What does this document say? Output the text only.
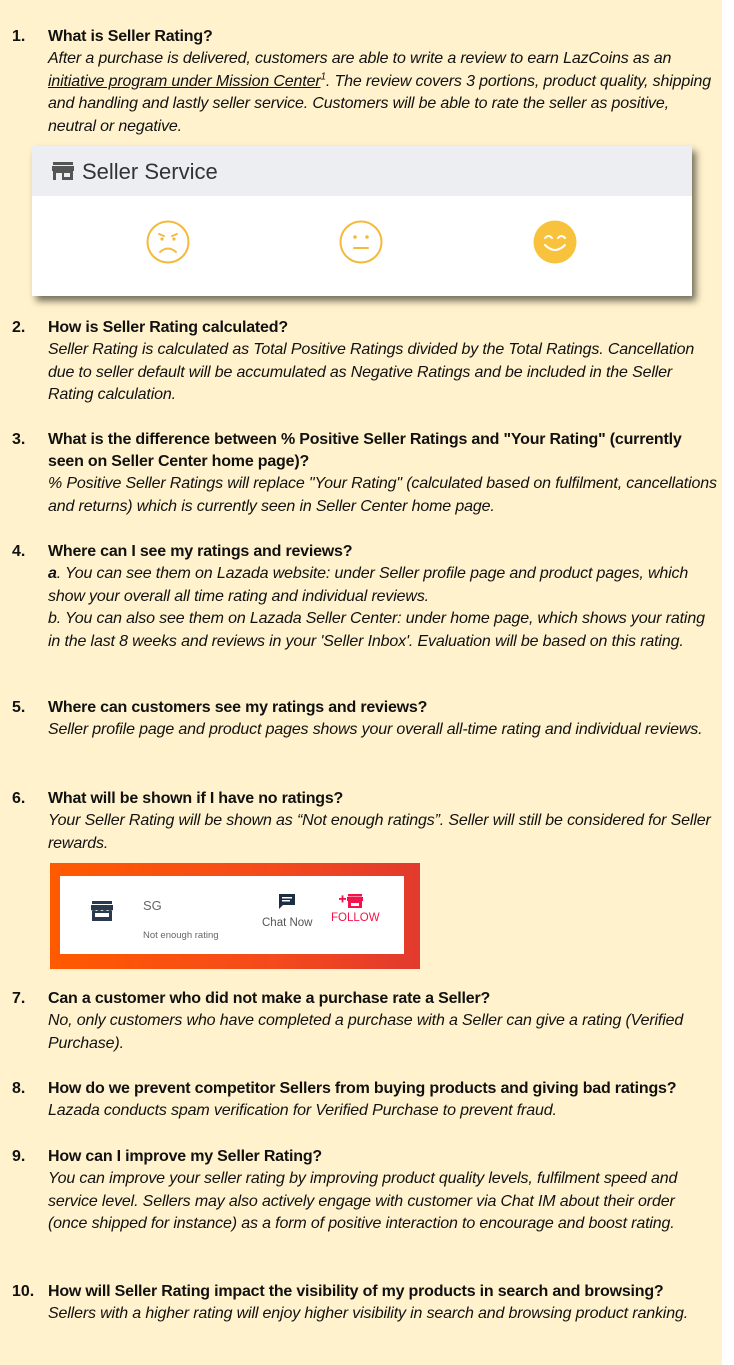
1. What is Seller Rating?
After a purchase is delivered, customers are able to write a review to earn LazCoins as an initiative program under Mission Center$^1$. The review covers 3 portions, product quality, shipping and handling and lastly seller service. Customers will be able to rate the seller as positive, neutral or negative.
Seller Service
2. How is Seller Rating calculated?
Seller Rating is calculated as Total Positive Ratings divided by the Total Ratings. Cancellation due to seller default will be accumulated as Negative Ratings and be included in the Seller Rating calculation.
3. What is the difference between % Positive Seller Ratings and "Your Rating" (currently seen on Seller Center home page)?
% Positive Seller Ratings will replace "Your Rating" (calculated based on fulfilment, cancellations and returns) which is currently seen in Seller Center home page.
4. Where can I see my ratings and reviews?
a. You can see them on Lazada website: under Seller profile page and product pages, which show your overall all time rating and individual reviews.
b. You can also see them on Lazada Seller Center: under home page, which shows your rating in the last 8 weeks and reviews in your 'Seller Inbox'. Evaluation will be based on this rating.
5. Where can customers see my ratings and reviews?
Seller profile page and product pages shows your overall all-time rating and individual reviews.
6. What will be shown if I have no ratings?
Your Seller Rating will be shown as “Not enough ratings”. Seller will still be considered for Seller rewards.
SG
Not enough rating
Chat Now FOLLOW
7. Can a customer who did not make a purchase rate a Seller?
No, only customers who have completed a purchase with a Seller can give a rating (Verified Purchase).
8. How do we prevent competitor Sellers from buying products and giving bad ratings?
Lazada conducts spam verification for Verified Purchase to prevent fraud.
9. How can I improve my Seller Rating?
You can improve your seller rating by improving product quality levels, fulfilment speed and service level. Sellers may also actively engage with customer via Chat IM about their order (once shipped for instance) as a form of positive interaction to encourage and boost rating.
10. How will Seller Rating impact the visibility of my products in search and browsing?
Sellers with a higher rating will enjoy higher visibility in search and browsing product ranking.
